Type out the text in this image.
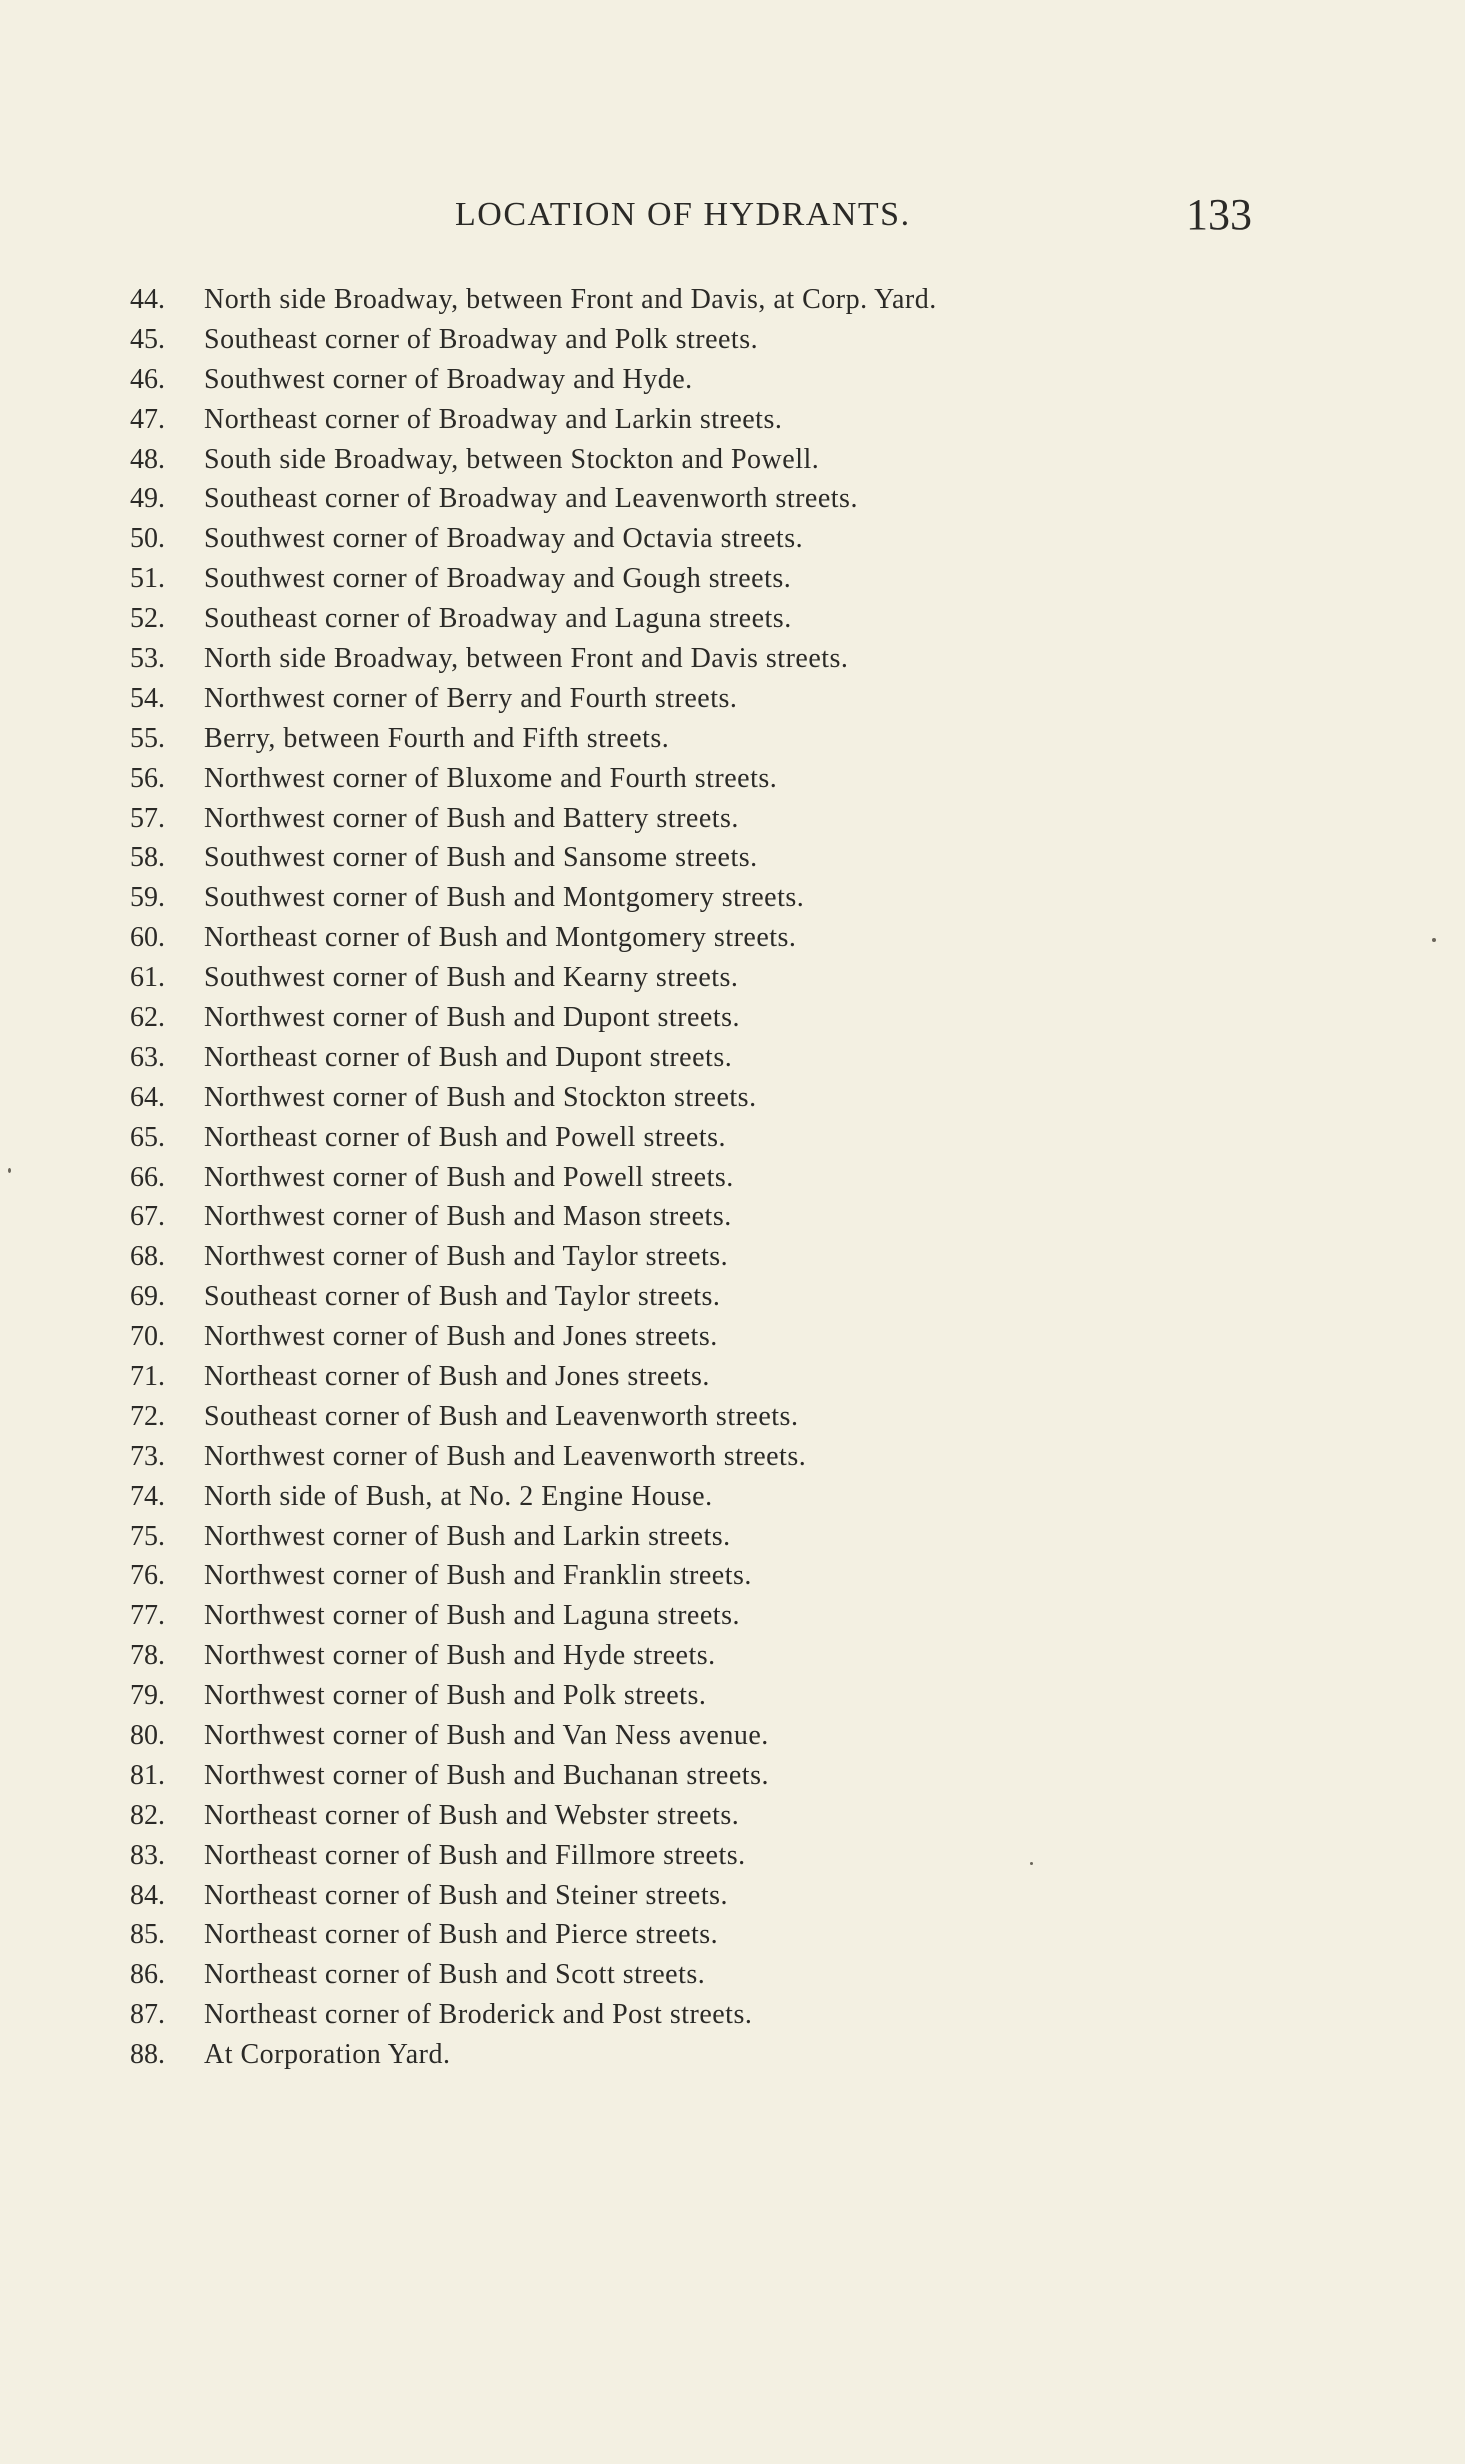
LOCATION OF HYDRANTS.	133
44.	North side Broadway, between Front and Davis, at Corp. Yard.
45.	Southeast corner of Broadway and Polk streets.
46.	Southwest corner of Broadway and Hyde.
47.	Northeast corner of Broadway and Larkin streets.
48.	South side Broadway, between Stockton and Powell.
49.	Southeast corner of Broadway and Leavenworth streets.
50.	Southwest corner of Broadway and Octavia streets.
51.	Southwest corner of Broadway and Gough streets.
52.	Southeast corner of Broadway and Laguna streets.
53.	North side Broadway, between Front and Davis streets.
54.	Northwest corner of Berry and Fourth streets.
55.	Berry, between Fourth and Fifth streets.
56.	Northwest corner of Bluxome and Fourth streets.
57.	Northwest corner of Bush and Battery streets.
58.	Southwest corner of Bush and Sansome streets.
59.	Southwest corner of Bush and Montgomery streets.
60.	Northeast corner of Bush and Montgomery streets.
61.	Southwest corner of Bush and Kearny streets.
62.	Northwest corner of Bush and Dupont streets.
63.	Northeast corner of Bush and Dupont streets.
64.	Northwest corner of Bush and Stockton streets.
65.	Northeast corner of Bush and Powell streets.
66.	Northwest corner of Bush and Powell streets.
67.	Northwest corner of Bush and Mason streets.
68.	Northwest corner of Bush and Taylor streets.
69.	Southeast corner of Bush and Taylor streets.
70.	Northwest corner of Bush and Jones streets.
71.	Northeast corner of Bush and Jones streets.
72.	Southeast corner of Bush and Leavenworth streets.
73.	Northwest corner of Bush and Leavenworth streets.
74.	North side of Bush, at No. 2 Engine House.
75.	Northwest corner of Bush and Larkin streets.
76.	Northwest corner of Bush and Franklin streets.
77.	Northwest corner of Bush and Laguna streets.
78.	Northwest corner of Bush and Hyde streets.
79.	Northwest corner of Bush and Polk streets.
80.	Northwest corner of Bush and Van Ness avenue.
81.	Northwest corner of Bush and Buchanan streets.
82.	Northeast corner of Bush and Webster streets.
83.	Northeast corner of Bush and Fillmore streets.
84.	Northeast corner of Bush and Steiner streets.
85.	Northeast corner of Bush and Pierce streets.
86.	Northeast corner of Bush and Scott streets.
87.	Northeast corner of Broderick and Post streets.
88.	At Corporation Yard.
